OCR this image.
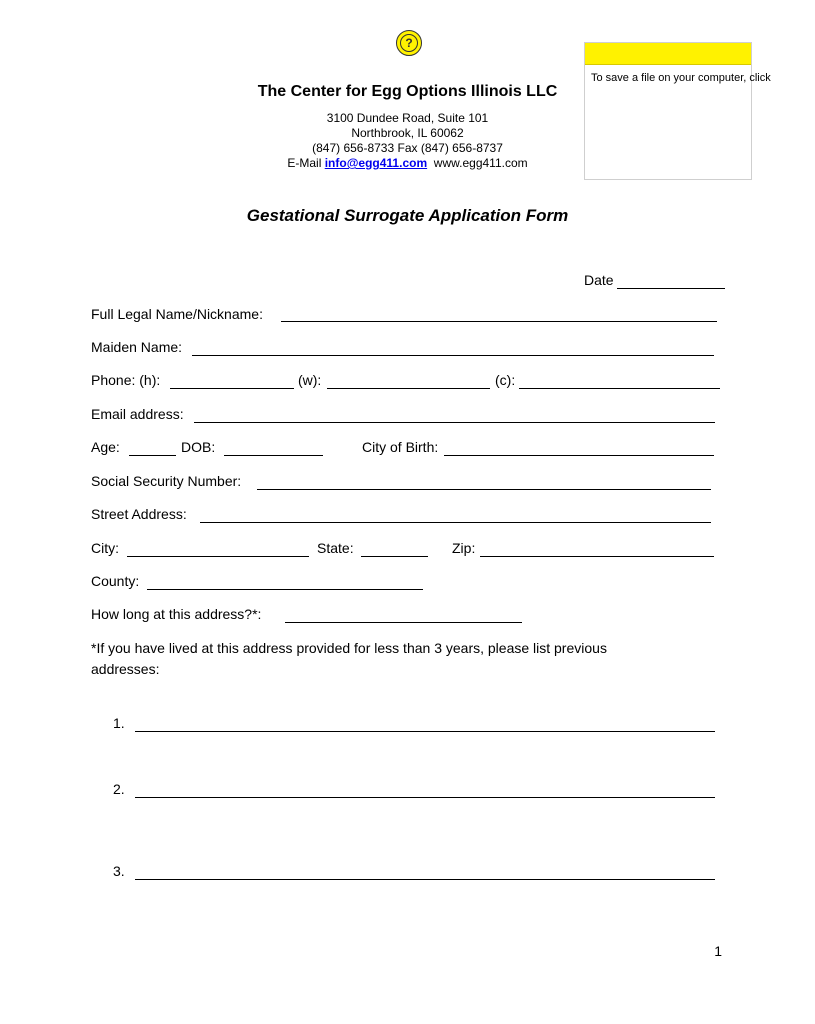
?
To save a file on your computer, click
The Center for Egg Options Illinois LLC
3100 Dundee Road, Suite 101
Northbrook, IL 60062
(847) 656-8733 Fax (847) 656-8737
E-Mail info@egg411.com www.egg411.com
Gestational Surrogate Application Form
Date
Full Legal Name/Nickname:
Maiden Name:
Phone: (h):	(w):	(c):
Email address:
Age:	DOB:	City of Birth:
Social Security Number:
Street Address:
City:	State:	Zip:
County:
How long at this address?*:
*If you have lived at this address provided for less than 3 years, please list previous
addresses:
1.
2.
3.
1
